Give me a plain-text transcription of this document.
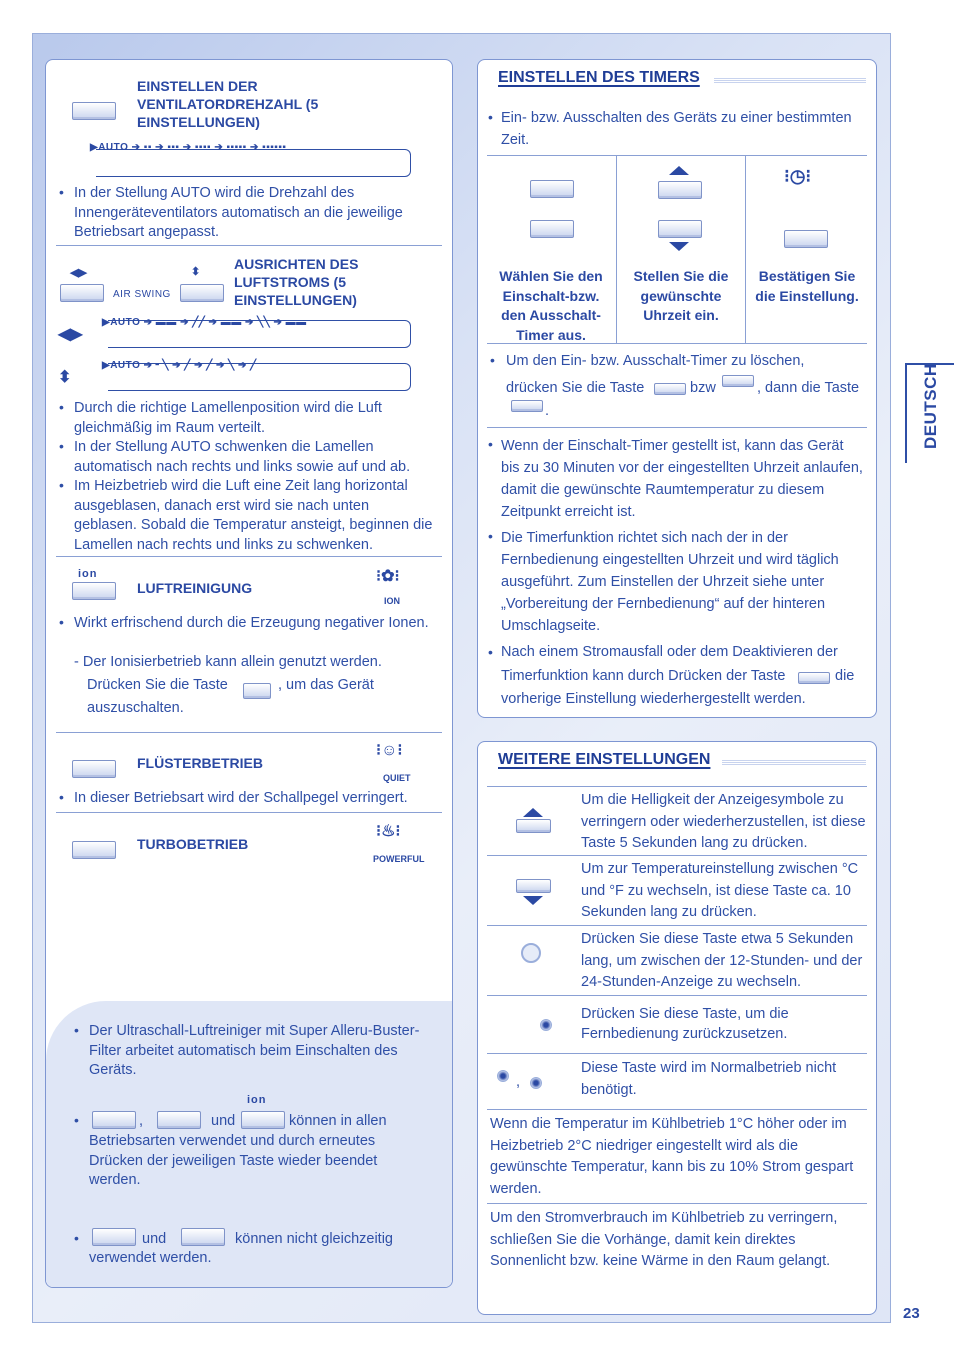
EINSTELLEN DER VENTILATORDREHZAHL (5 EINSTELLUNGEN)
▶AUTO ➔ ▪▪ ➔ ▪▪▪ ➔ ▪▪▪▪ ➔ ▪▪▪▪▪ ➔ ▪▪▪▪▪▪
• In der Stellung AUTO wird die Drehzahl des Innengeräteventilators automatisch an die jeweilige Betriebsart angepasst.
◀▶
AIR SWING
⬍ AUSRICHTEN DES LUFTSTROMS (5 EINSTELLUNGEN)
◀▶
▶AUTO ➔ ▬▬ ➔ ╱╱ ➔ ▬▬ ➔ ╲╲ ➔ ▬▬
⬍
▶AUTO ➔ ╴╲ ➔ ╱ ➔ ╱ ➔ ╲ ➔ ╱
• Durch die richtige Lamellenposition wird die Luft gleichmäßig im Raum verteilt.
• In der Stellung AUTO schwenken die Lamellen automatisch nach rechts und links sowie auf und ab.
• Im Heizbetrieb wird die Luft eine Zeit lang horizontal ausgeblasen, danach erst wird sie nach unten geblasen. Sobald die Temperatur ansteigt, beginnen die Lamellen nach rechts und links zu schwenken.
ion
LUFTREINIGUNG
⁝✿⁝
ION
• Wirkt erfrischend durch die Erzeugung negativer Ionen.
- Der Ionisierbetrieb kann allein genutzt werden.
Drücken Sie die Taste	, um das Gerät
auszuschalten.
FLÜSTERBETRIEB
⁝☺⁝
QUIET
• In dieser Betriebsart wird der Schallpegel verringert.
TURBOBETRIEB
⁝♨⁝
POWERFUL
• Der Ultraschall-Luftreiniger mit Super Alleru-Buster-Filter arbeitet automatisch beim Einschalten des Geräts.
ion
•	,	und	können in allen
Betriebsarten verwendet und durch erneutes Drücken der jeweiligen Taste wieder beendet werden.
•	und	können nicht gleichzeitig
verwendet werden.
EINSTELLEN DES TIMERS
• Ein- bzw. Ausschalten des Geräts zu einer bestimmten Zeit.
⁝◷⁝
Wählen Sie den Einschalt-bzw. den Ausschalt-Timer aus.
Stellen Sie die gewünschte Uhrzeit ein.
Bestätigen Sie die Einstellung.
• Um den Ein- bzw. Ausschalt-Timer zu löschen,
drücken Sie die Taste	bzw	, dann die Taste
.
• Wenn der Einschalt-Timer gestellt ist, kann das Gerät bis zu 30 Minuten vor der eingestellten Uhrzeit anlaufen, damit die gewünschte Raumtemperatur zu diesem Zeitpunkt erreicht ist.
• Die Timerfunktion richtet sich nach der in der Fernbedienung eingestellten Uhrzeit und wird täglich ausgeführt. Zum Einstellen der Uhrzeit siehe unter „Vorbereitung der Fernbedienung“ auf der hinteren Umschlagseite.
• Nach einem Stromausfall oder dem Deaktivieren der
Timerfunktion kann durch Drücken der Taste	die
vorherige Einstellung wiederhergestellt werden.
WEITERE EINSTELLUNGEN
Um die Helligkeit der Anzeigesymbole zu verringern oder wiederherzustellen, ist diese Taste 5 Sekunden lang zu drücken.
Um zur Temperatureinstellung zwischen °C und °F zu wechseln, ist diese Taste ca. 10 Sekunden lang zu drücken.
Drücken Sie diese Taste etwa 5 Sekunden lang, um zwischen der 12-Stunden- und der 24-Stunden-Anzeige zu wechseln.
Drücken Sie diese Taste, um die Fernbedienung zurückzusetzen.
,
Diese Taste wird im Normalbetrieb nicht benötigt.
Wenn die Temperatur im Kühlbetrieb 1°C höher oder im Heizbetrieb 2°C niedriger eingestellt wird als die gewünschte Temperatur, kann bis zu 10% Strom gespart werden.
Um den Stromverbrauch im Kühlbetrieb zu verringern, schließen Sie die Vorhänge, damit kein direktes Sonnenlicht bzw. keine Wärme in den Raum gelangt.
DEUTSCH
23
